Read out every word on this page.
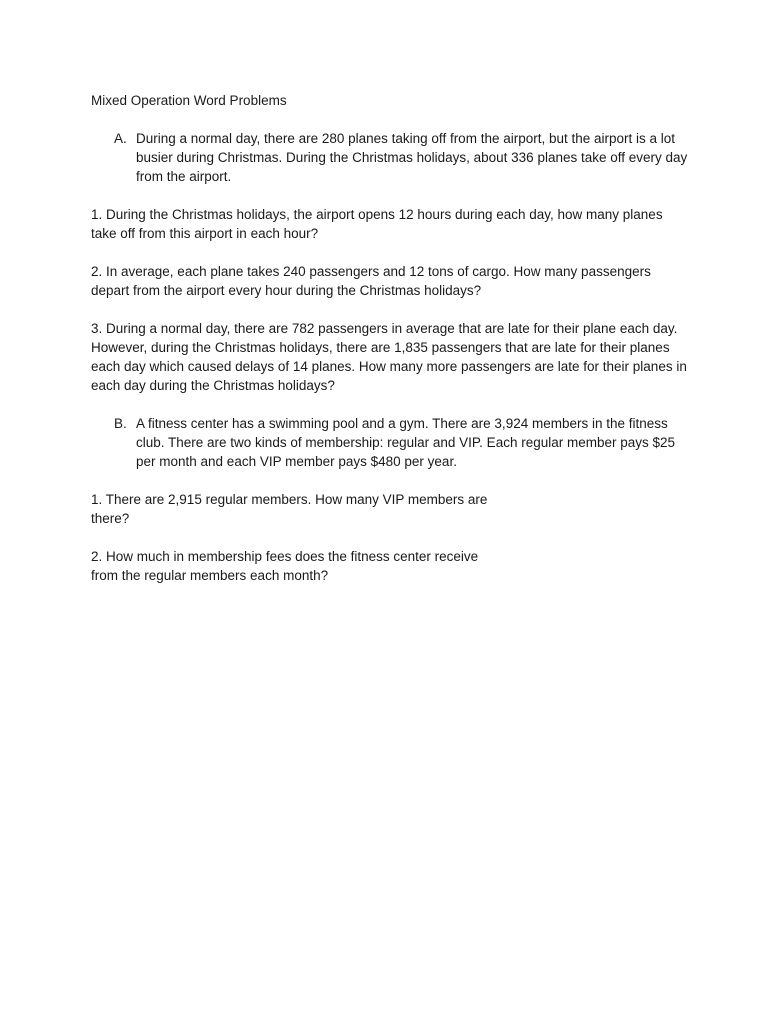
Mixed Operation Word Problems
A. During a normal day, there are 280 planes taking off from the airport, but the airport is a lot busier during Christmas. During the Christmas holidays, about 336 planes take off every day from the airport.

1. During the Christmas holidays, the airport opens 12 hours during each day, how many planes take off from this airport in each hour?

2. In average, each plane takes 240 passengers and 12 tons of cargo. How many passengers depart from the airport every hour during the Christmas holidays?

3. During a normal day, there are 782 passengers in average that are late for their plane each day. However, during the Christmas holidays, there are 1,835 passengers that are late for their planes each day which caused delays of 14 planes. How many more passengers are late for their planes in each day during the Christmas holidays?

B. A fitness center has a swimming pool and a gym. There are 3,924 members in the fitness club. There are two kinds of membership: regular and VIP. Each regular member pays $25 per month and each VIP member pays $480 per year.

1. There are 2,915 regular members. How many VIP members are there?

2. How much in membership fees does the fitness center receive from the regular members each month?
